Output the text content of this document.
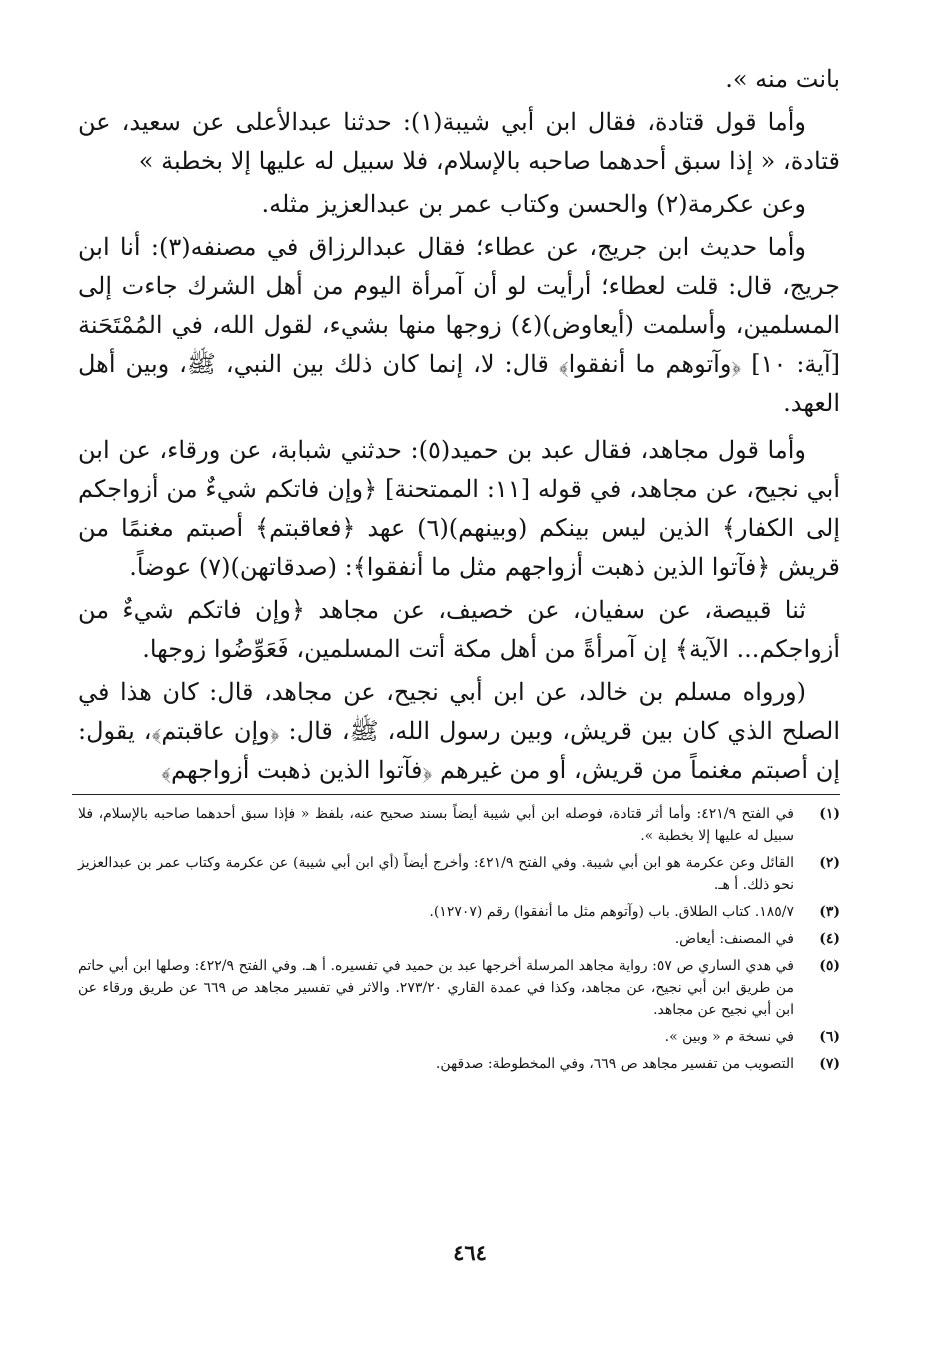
بانت منه ».

وأما قول قتادة، فقال ابن أبي شيبة(١): حدثنا عبدالأعلى عن سعيد، عن قتادة، « إذا سبق أحدهما صاحبه بالإسلام، فلا سبيل له عليها إلا بخطبة »

وعن عكرمة(٢) والحسن وكتاب عمر بن عبدالعزيز مثله.

وأما حديث ابن جريج، عن عطاء؛ فقال عبدالرزاق في مصنفه(٣): أنا ابن جريج، قال: قلت لعطاء؛ أرأيت لو أن آمرأة اليوم من أهل الشرك جاءت إلى المسلمين، وأسلمت (أيعاوض)(٤) زوجها منها بشيء، لقول الله، في المُمْتَحَنة [آية: ١٠] ﴿وآتوهم ما أنفقوا﴾ قال: لا، إنما كان ذلك بين النبي، ﷺ، وبين أهل العهد.

وأما قول مجاهد، فقال عبد بن حميد(٥): حدثني شبابة، عن ورقاء، عن ابن أبي نجيح، عن مجاهد، في قوله [١١: الممتحنة] ﴿وإن فاتكم شيءٌ من أزواجكم إلى الكفار﴾ الذين ليس بينكم (وبينهم)(٦) عهد ﴿فعاقبتم﴾ أصبتم مغنمًا من قريش ﴿فآتوا الذين ذهبت أزواجهم مثل ما أنفقوا﴾: (صدقاتهن)(٧) عوضاً.

ثنا قبيصة، عن سفيان، عن خصيف، عن مجاهد ﴿وإن فاتكم شيءٌ من أزواجكم... الآية﴾ إن آمرأةً من أهل مكة أتت المسلمين، فَعَوِّضُوا زوجها.

(ورواه مسلم بن خالد، عن ابن أبي نجيح، عن مجاهد، قال: كان هذا في الصلح الذي كان بين قريش، وبين رسول الله، ﷺ، قال: ﴿وإن عاقبتم﴾، يقول: إن أصبتم مغنماً من قريش، أو من غيرهم ﴿فآتوا الذين ذهبت أزواجهم﴾

(١)
في الفتح ٤٢١/٩: وأما أثر قتادة، فوصله ابن أبي شيبة أيضاً بسند صحيح عنه، بلفظ « فإذا سبق أحدهما صاحبه بالإسلام، فلا سبيل له عليها إلا بخطبة ».
(٢)
القائل وعن عكرمة هو ابن أبي شيبة. وفي الفتح ٤٢١/٩: وأخرج أيضاً (أي ابن أبي شيبة) عن عكرمة وكتاب عمر بن عبدالعزيز نحو ذلك. أ هـ.
(٣)
١٨٥/٧. كتاب الطلاق. باب (وآتوهم مثل ما أنفقوا) رقم (١٢٧٠٧).
(٤)
في المصنف: أيعاض.
(٥)
في هدي الساري ص ٥٧: رواية مجاهد المرسلة أخرجها عبد بن حميد في تفسيره. أ هـ. وفي الفتح ٤٢٢/٩: وصلها ابن أبي حاتم من طريق ابن أبي نجيح، عن مجاهد، وكذا في عمدة القاري ٢٧٣/٢٠. والاثر في تفسير مجاهد ص ٦٦٩ عن طريق ورقاء عن ابن أبي نجيح عن مجاهد.
(٦)
في نسخة م « وبين ».
(٧)
التصويب من تفسير مجاهد ص ٦٦٩، وفي المخطوطة: صدقهن.
٤٦٤
